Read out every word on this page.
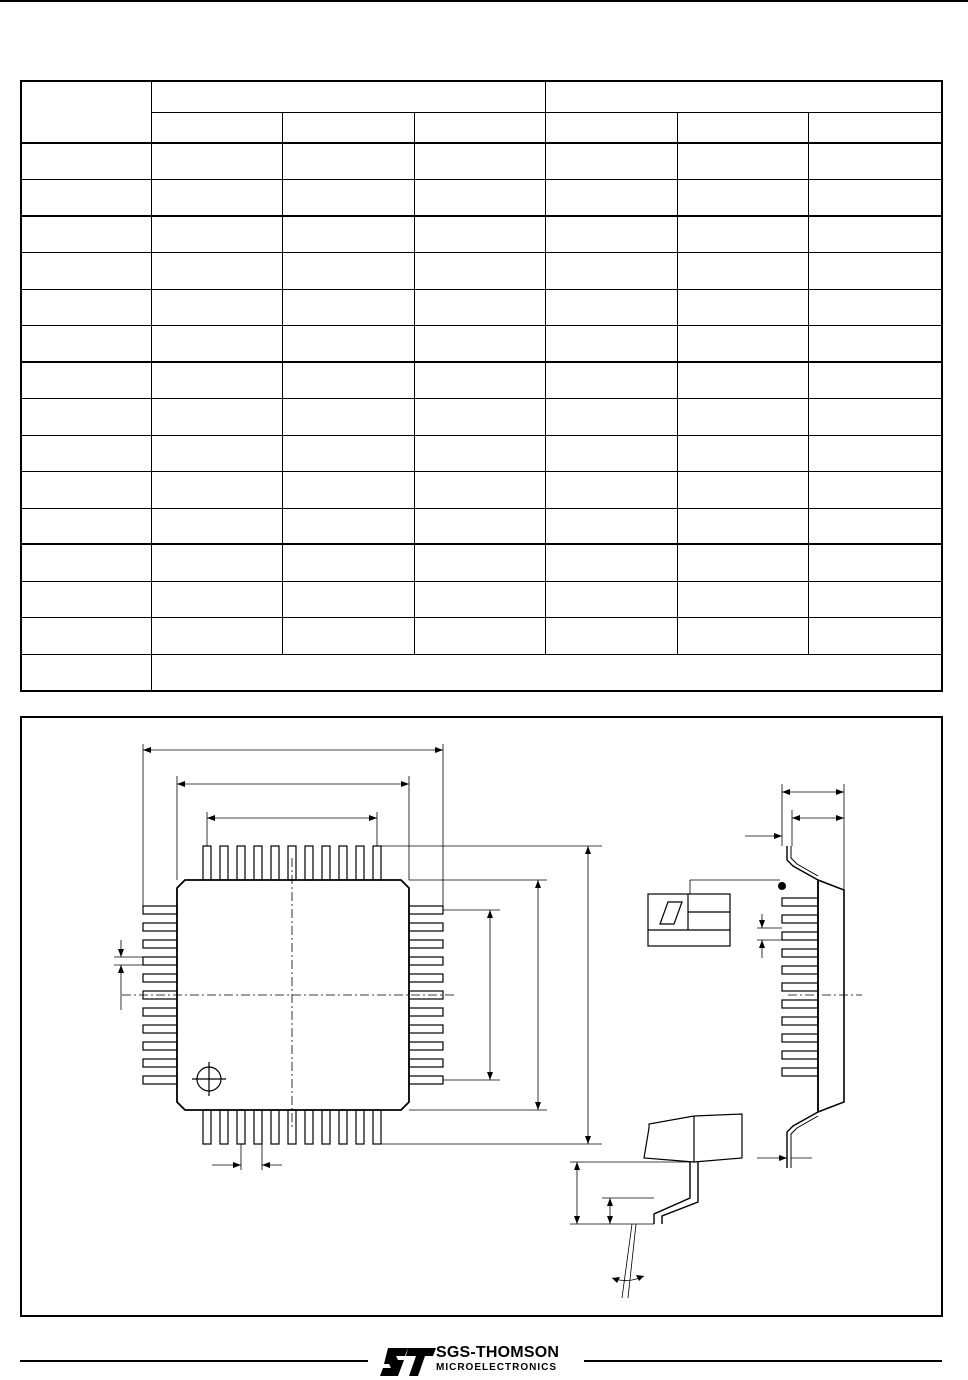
SGS-THOMSON
MICROELECTRONICS
